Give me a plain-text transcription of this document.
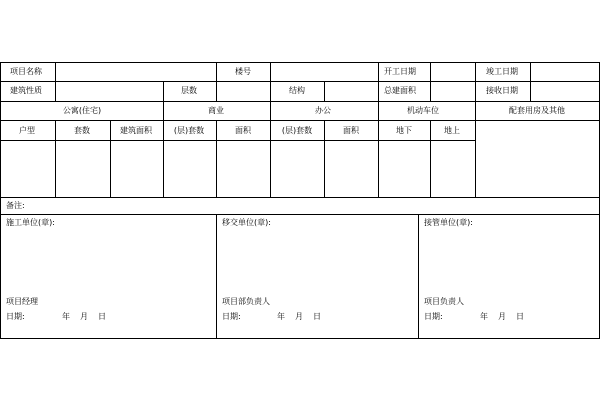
项目名称	楼号	开工日期	竣工日期
建筑性质	层数	结构	总建面积	接收日期
公寓(住宅)	商业	办公	机动车位	配套用房及其他
户型	套数	建筑面积	(层)套数	面积	(层)套数	面积	地下	地上
备注:
施工单位(章):
项目经理
日期:	年 月 日
移交单位(章):
项目部负责人
日期:	年 月 日
接管单位(章):
项目负责人
日期:	年 月 日
